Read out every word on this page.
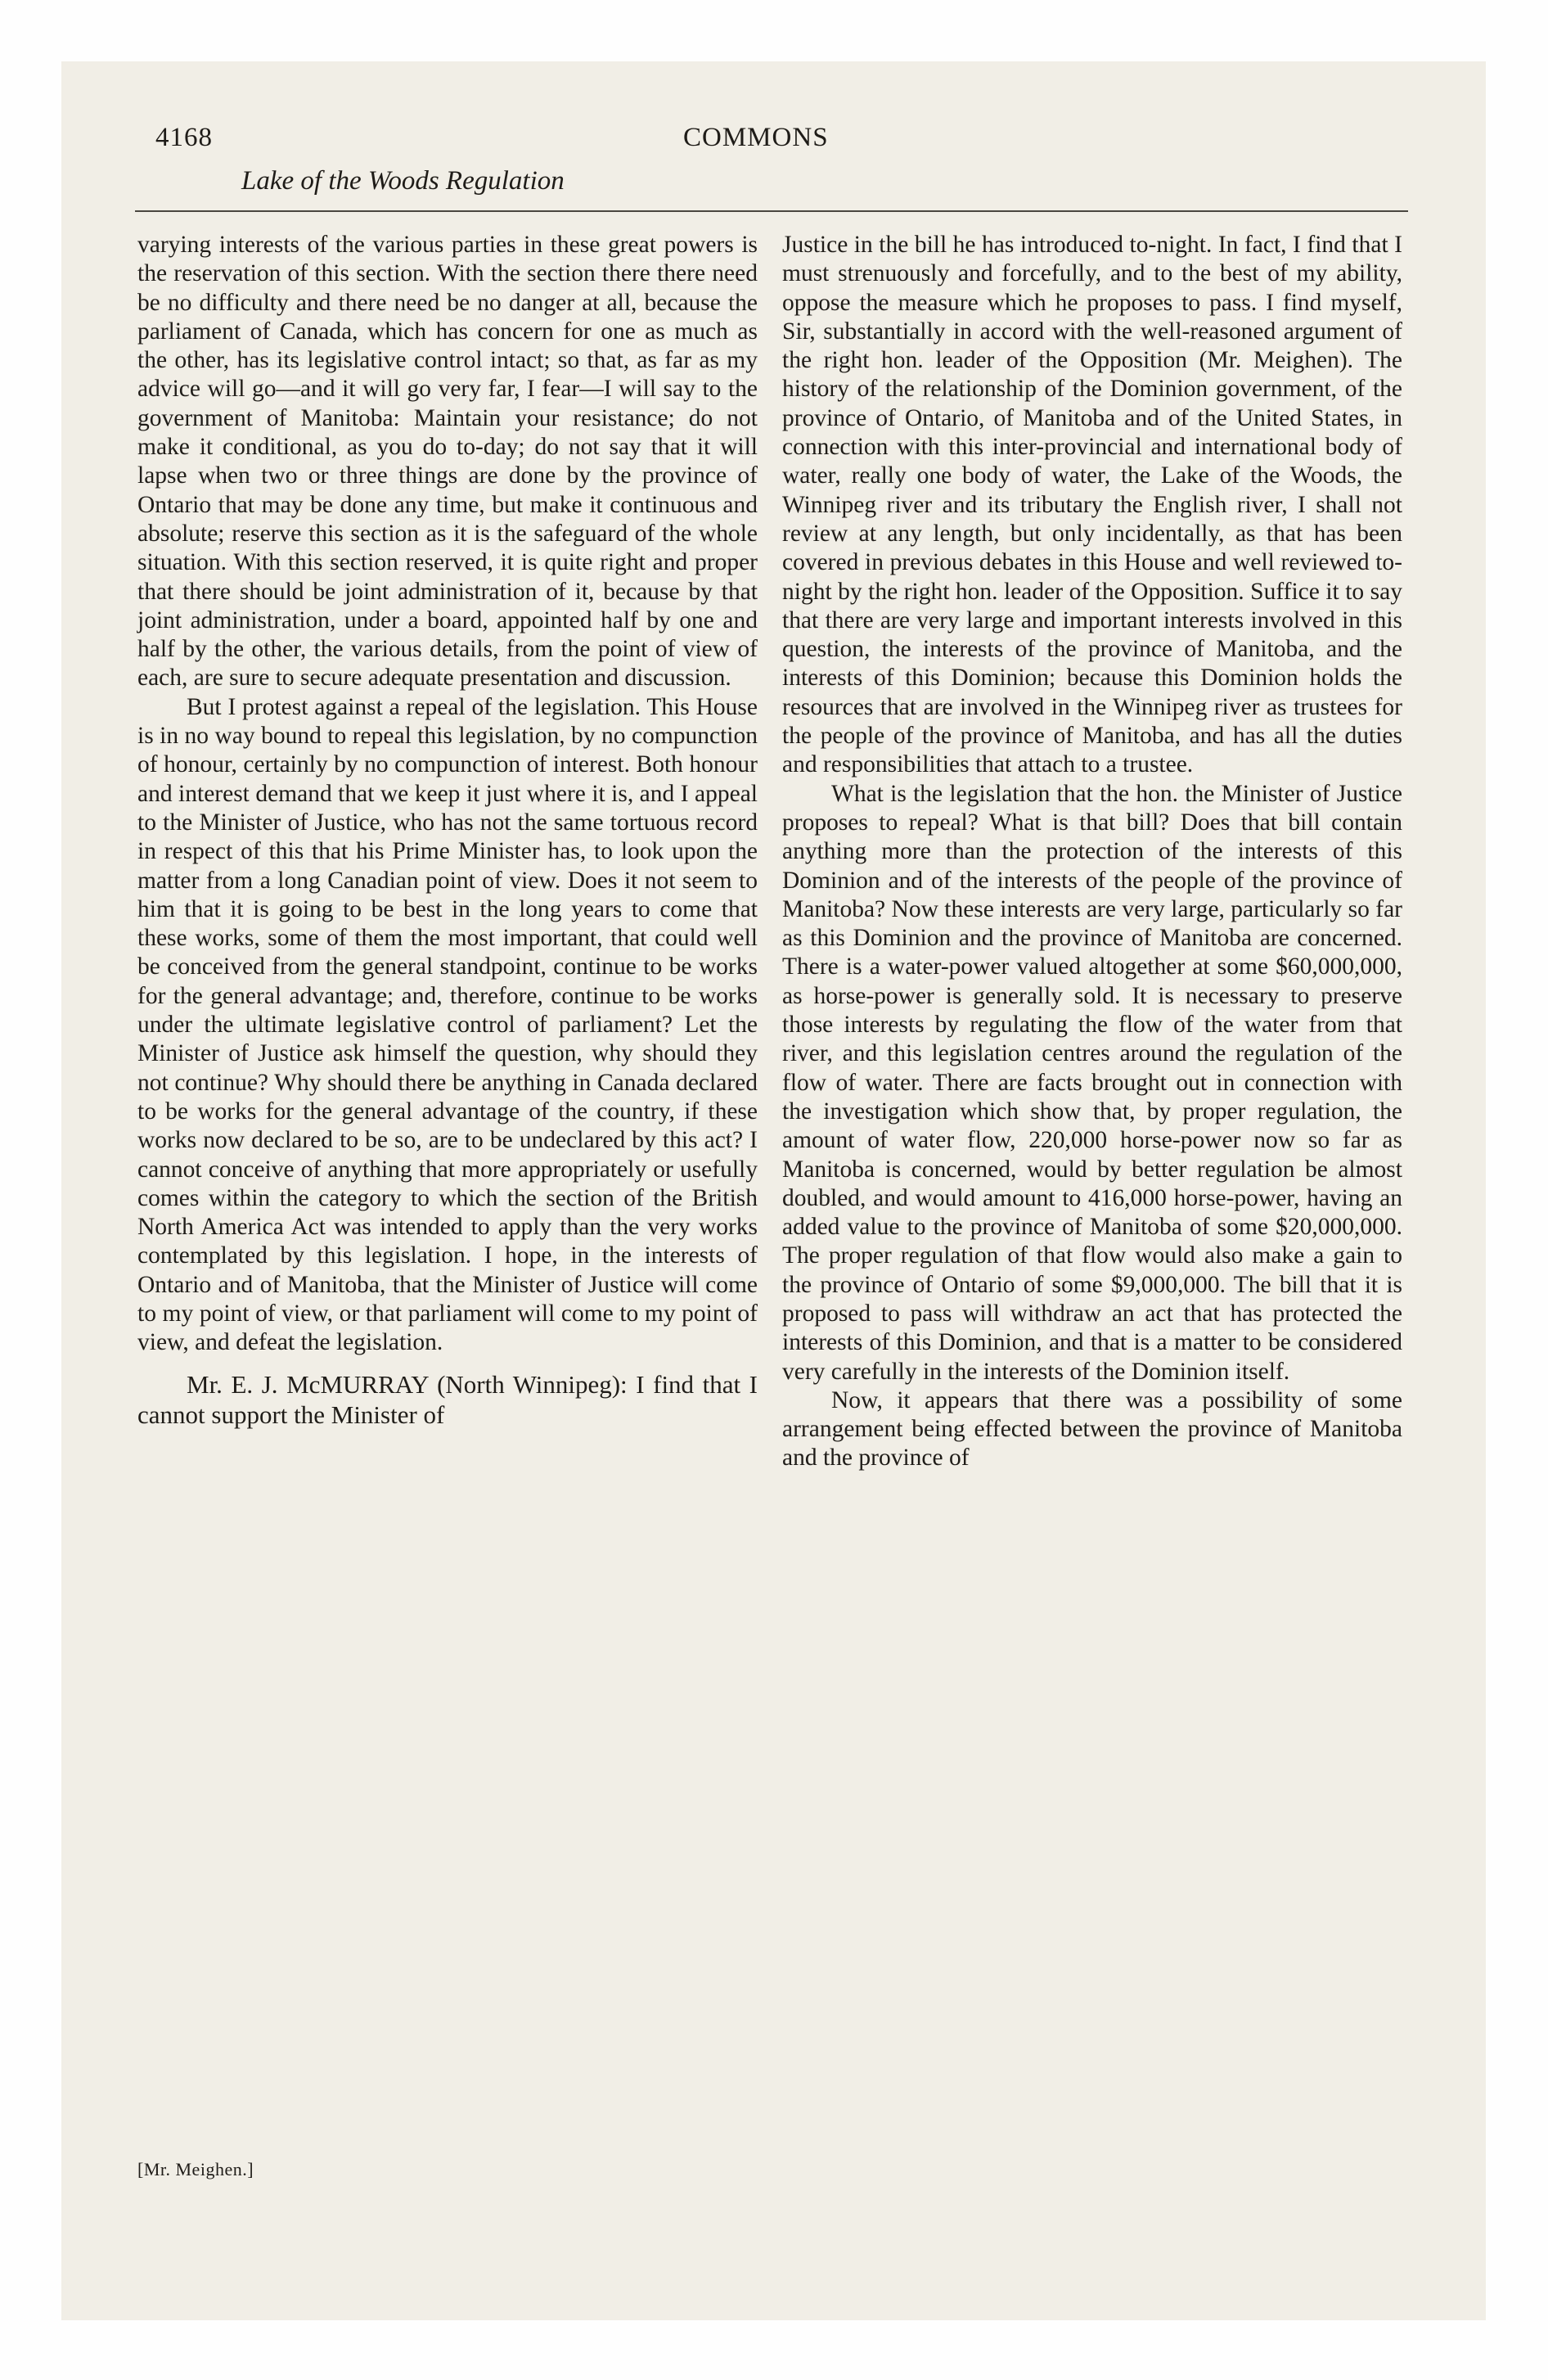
4168	COMMONS
Lake of the Woods Regulation

varying interests of the various parties in these great powers is the reservation of this section. With the section there there need be no difficulty and there need be no danger at all, because the parliament of Canada, which has concern for one as much as the other, has its legislative control intact; so that, as far as my advice will go—and it will go very far, I fear—I will say to the government of Manitoba: Maintain your resistance; do not make it conditional, as you do to-day; do not say that it will lapse when two or three things are done by the province of Ontario that may be done any time, but make it continuous and absolute; reserve this section as it is the safeguard of the whole situation. With this section reserved, it is quite right and proper that there should be joint administration of it, because by that joint administration, under a board, appointed half by one and half by the other, the various details, from the point of view of each, are sure to secure adequate presentation and discussion.

But I protest against a repeal of the legislation. This House is in no way bound to repeal this legislation, by no compunction of honour, certainly by no compunction of interest. Both honour and interest demand that we keep it just where it is, and I appeal to the Minister of Justice, who has not the same tortuous record in respect of this that his Prime Minister has, to look upon the matter from a long Canadian point of view. Does it not seem to him that it is going to be best in the long years to come that these works, some of them the most important, that could well be conceived from the general standpoint, continue to be works for the general advantage; and, therefore, continue to be works under the ultimate legislative control of parliament? Let the Minister of Justice ask himself the question, why should they not continue? Why should there be anything in Canada declared to be works for the general advantage of the country, if these works now declared to be so, are to be undeclared by this act? I cannot conceive of anything that more appropriately or usefully comes within the category to which the section of the British North America Act was intended to apply than the very works contemplated by this legislation. I hope, in the interests of Ontario and of Manitoba, that the Minister of Justice will come to my point of view, or that parliament will come to my point of view, and defeat the legislation.

Mr. E. J. McMURRAY (North Winnipeg): I find that I cannot support the Minister of

Justice in the bill he has introduced to-night. In fact, I find that I must strenuously and forcefully, and to the best of my ability, oppose the measure which he proposes to pass. I find myself, Sir, substantially in accord with the well-reasoned argument of the right hon. leader of the Opposition (Mr. Meighen). The history of the relationship of the Dominion government, of the province of Ontario, of Manitoba and of the United States, in connection with this inter-provincial and international body of water, really one body of water, the Lake of the Woods, the Winnipeg river and its tributary the English river, I shall not review at any length, but only incidentally, as that has been covered in previous debates in this House and well reviewed to-night by the right hon. leader of the Opposition. Suffice it to say that there are very large and important interests involved in this question, the interests of the province of Manitoba, and the interests of this Dominion; because this Dominion holds the resources that are involved in the Winnipeg river as trustees for the people of the province of Manitoba, and has all the duties and responsibilities that attach to a trustee.

What is the legislation that the hon. the Minister of Justice proposes to repeal? What is that bill? Does that bill contain anything more than the protection of the interests of this Dominion and of the interests of the people of the province of Manitoba? Now these interests are very large, particularly so far as this Dominion and the province of Manitoba are concerned. There is a water-power valued altogether at some $60,000,000, as horse-power is generally sold. It is necessary to preserve those interests by regulating the flow of the water from that river, and this legislation centres around the regulation of the flow of water. There are facts brought out in connection with the investigation which show that, by proper regulation, the amount of water flow, 220,000 horse-power now so far as Manitoba is concerned, would by better regulation be almost doubled, and would amount to 416,000 horse-power, having an added value to the province of Manitoba of some $20,000,000. The proper regulation of that flow would also make a gain to the province of Ontario of some $9,000,000. The bill that it is proposed to pass will withdraw an act that has protected the interests of this Dominion, and that is a matter to be considered very carefully in the interests of the Dominion itself.

Now, it appears that there was a possibility of some arrangement being effected between the province of Manitoba and the province of

[Mr. Meighen.]
